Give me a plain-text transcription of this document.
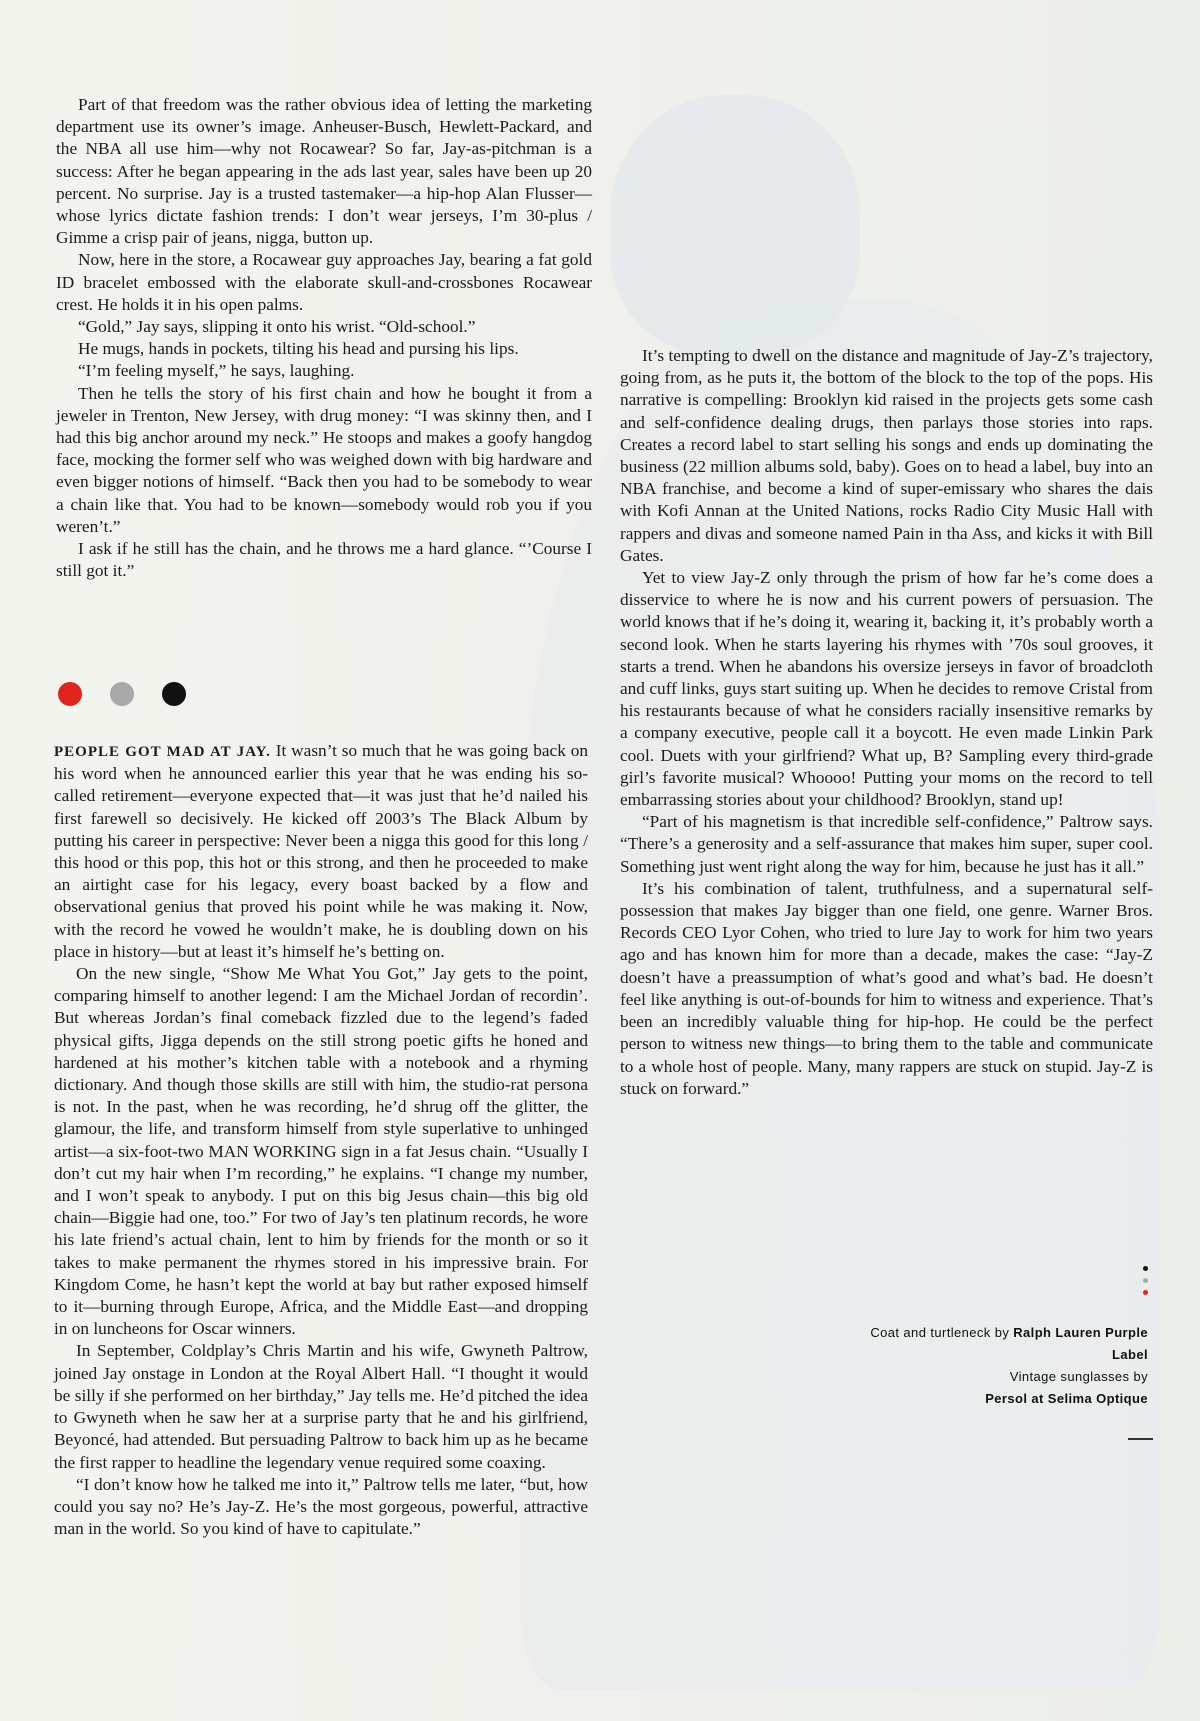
Part of that freedom was the rather obvious idea of letting the marketing department use its owner’s image. Anheuser-Busch, Hewlett-Packard, and the NBA all use him—why not Rocawear? So far, Jay-as-pitchman is a success: After he began appearing in the ads last year, sales have been up 20 percent. No surprise. Jay is a trusted tastemaker—a hip-hop Alan Flusser—whose lyrics dictate fashion trends: I don’t wear jerseys, I’m 30-plus / Gimme a crisp pair of jeans, nigga, button up.

Now, here in the store, a Rocawear guy approaches Jay, bearing a fat gold ID bracelet embossed with the elaborate skull-and-crossbones Rocawear crest. He holds it in his open palms.

“Gold,” Jay says, slipping it onto his wrist. “Old-school.”

He mugs, hands in pockets, tilting his head and pursing his lips.

“I’m feeling myself,” he says, laughing.

Then he tells the story of his first chain and how he bought it from a jeweler in Trenton, New Jersey, with drug money: “I was skinny then, and I had this big anchor around my neck.” He stoops and makes a goofy hangdog face, mocking the former self who was weighed down with big hardware and even bigger notions of himself. “Back then you had to be somebody to wear a chain like that. You had to be known—somebody would rob you if you weren’t.”

I ask if he still has the chain, and he throws me a hard glance. “’Course I still got it.”

PEOPLE GOT MAD AT JAY. It wasn’t so much that he was going back on his word when he announced earlier this year that he was ending his so-called retirement—everyone expected that—it was just that he’d nailed his first farewell so decisively. He kicked off 2003’s The Black Album by putting his career in perspective: Never been a nigga this good for this long / this hood or this pop, this hot or this strong, and then he proceeded to make an airtight case for his legacy, every boast backed by a flow and observational genius that proved his point while he was making it. Now, with the record he vowed he wouldn’t make, he is doubling down on his place in history—but at least it’s himself he’s betting on.

On the new single, “Show Me What You Got,” Jay gets to the point, comparing himself to another legend: I am the Michael Jordan of recordin’. But whereas Jordan’s final comeback fizzled due to the legend’s faded physical gifts, Jigga depends on the still strong poetic gifts he honed and hardened at his mother’s kitchen table with a notebook and a rhyming dictionary. And though those skills are still with him, the studio-rat persona is not. In the past, when he was recording, he’d shrug off the glitter, the glamour, the life, and transform himself from style superlative to unhinged artist—a six-foot-two MAN WORKING sign in a fat Jesus chain. “Usually I don’t cut my hair when I’m recording,” he explains. “I change my number, and I won’t speak to anybody. I put on this big Jesus chain—this big old chain—Biggie had one, too.” For two of Jay’s ten platinum records, he wore his late friend’s actual chain, lent to him by friends for the month or so it takes to make permanent the rhymes stored in his impressive brain. For Kingdom Come, he hasn’t kept the world at bay but rather exposed himself to it—burning through Europe, Africa, and the Middle East—and dropping in on luncheons for Oscar winners.

In September, Coldplay’s Chris Martin and his wife, Gwyneth Paltrow, joined Jay onstage in London at the Royal Albert Hall. “I thought it would be silly if she performed on her birthday,” Jay tells me. He’d pitched the idea to Gwyneth when he saw her at a surprise party that he and his girlfriend, Beyoncé, had attended. But persuading Paltrow to back him up as he became the first rapper to headline the legendary venue required some coaxing.

“I don’t know how he talked me into it,” Paltrow tells me later, “but, how could you say no? He’s Jay-Z. He’s the most gorgeous, powerful, attractive man in the world. So you kind of have to capitulate.”

It’s tempting to dwell on the distance and magnitude of Jay-Z’s trajectory, going from, as he puts it, the bottom of the block to the top of the pops. His narrative is compelling: Brooklyn kid raised in the projects gets some cash and self-confidence dealing drugs, then parlays those stories into raps. Creates a record label to start selling his songs and ends up dominating the business (22 million albums sold, baby). Goes on to head a label, buy into an NBA franchise, and become a kind of super-emissary who shares the dais with Kofi Annan at the United Nations, rocks Radio City Music Hall with rappers and divas and someone named Pain in tha Ass, and kicks it with Bill Gates.

Yet to view Jay-Z only through the prism of how far he’s come does a disservice to where he is now and his current powers of persuasion. The world knows that if he’s doing it, wearing it, backing it, it’s probably worth a second look. When he starts layering his rhymes with ’70s soul grooves, it starts a trend. When he abandons his oversize jerseys in favor of broadcloth and cuff links, guys start suiting up. When he decides to remove Cristal from his restaurants because of what he considers racially insensitive remarks by a company executive, people call it a boycott. He even made Linkin Park cool. Duets with your girlfriend? What up, B? Sampling every third-grade girl’s favorite musical? Whoooo! Putting your moms on the record to tell embarrassing stories about your childhood? Brooklyn, stand up!

“Part of his magnetism is that incredible self-confidence,” Paltrow says. “There’s a generosity and a self-assurance that makes him super, super cool. Something just went right along the way for him, because he just has it all.”

It’s his combination of talent, truthfulness, and a supernatural self-possession that makes Jay bigger than one field, one genre. Warner Bros. Records CEO Lyor Cohen, who tried to lure Jay to work for him two years ago and has known him for more than a decade, makes the case: “Jay-Z doesn’t have a preassumption of what’s good and what’s bad. He doesn’t feel like anything is out-of-bounds for him to witness and experience. That’s been an incredibly valuable thing for hip-hop. He could be the perfect person to witness new things—to bring them to the table and communicate to a whole host of people. Many, many rappers are stuck on stupid. Jay-Z is stuck on forward.”

Coat and turtleneck by Ralph Lauren Purple Label
Vintage sunglasses by
Persol at Selima Optique
